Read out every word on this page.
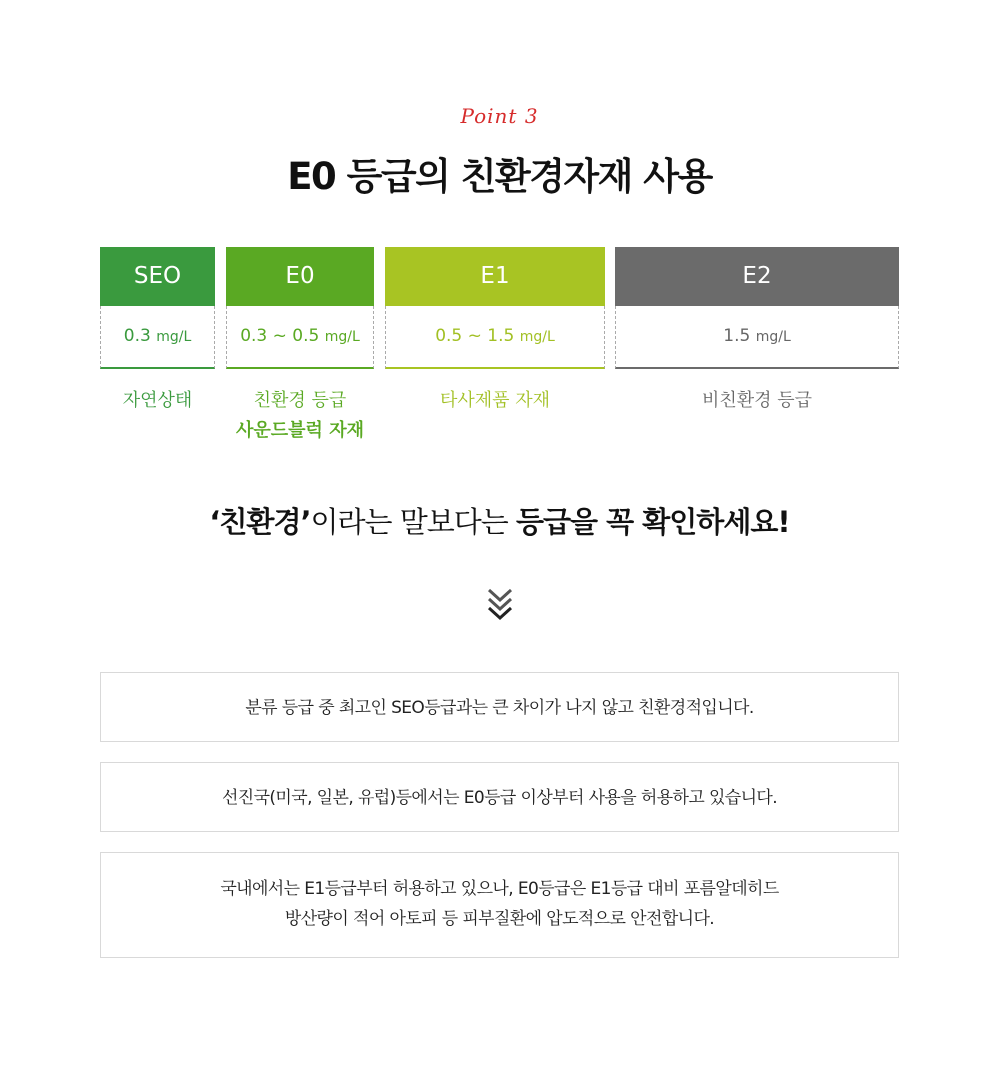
Point 3
E0 등급의 친환경자재 사용
SEO
0.3 mg/L
자연상태
E0
0.3 ~ 0.5 mg/L
친환경 등급
사운드블럭 자재
E1
0.5 ~ 1.5 mg/L
타사제품 자재
E2
1.5 mg/L
비친환경 등급
‘친환경’이라는 말보다는 등급을 꼭 확인하세요!
분류 등급 중 최고인 SEO등급과는 큰 차이가 나지 않고 친환경적입니다.
선진국(미국, 일본, 유럽)등에서는 E0등급 이상부터 사용을 허용하고 있습니다.
국내에서는 E1등급부터 허용하고 있으나, E0등급은 E1등급 대비 포름알데히드
방산량이 적어 아토피 등 피부질환에 압도적으로 안전합니다.
